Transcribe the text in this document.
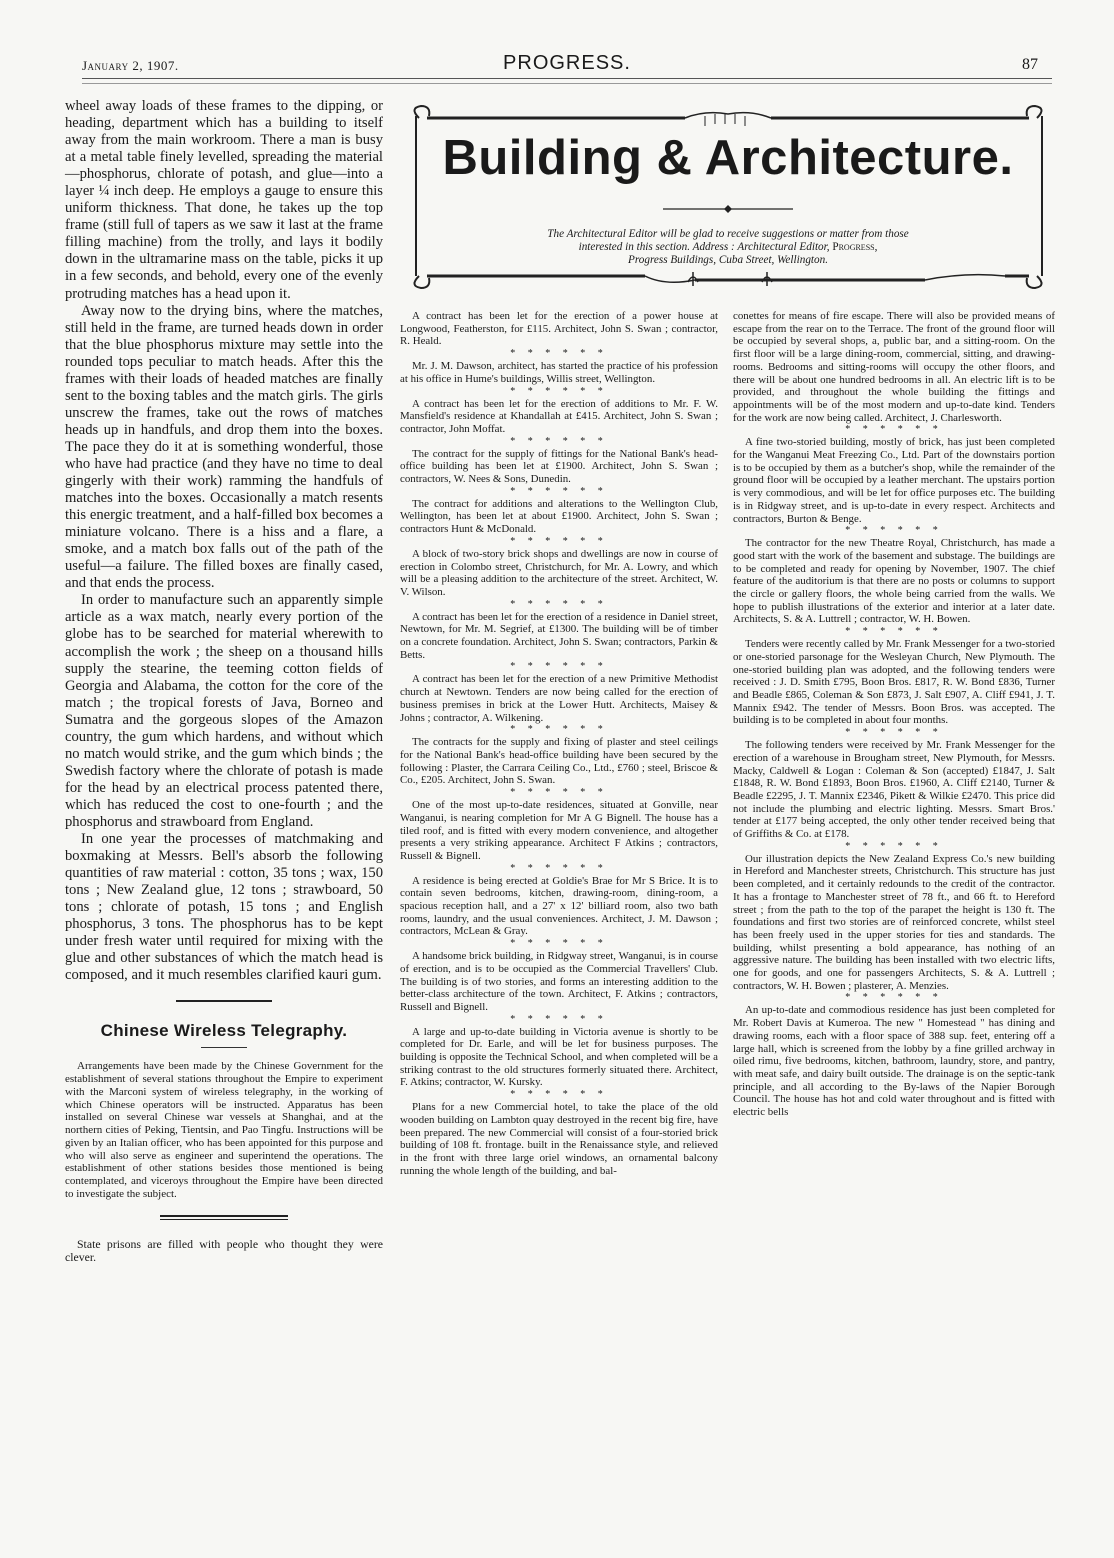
January 2, 1907.	PROGRESS.	87

wheel away loads of these frames to the dipping, or heading, department which has a building to itself away from the main workroom. There a man is busy at a metal table finely levelled, spreading the material—phosphorus, chlorate of potash, and glue—into a layer ¼ inch deep. He employs a gauge to ensure this uniform thickness. That done, he takes up the top frame (still full of tapers as we saw it last at the frame filling machine) from the trolly, and lays it bodily down in the ultramarine mass on the table, picks it up in a few seconds, and behold, every one of the evenly protruding matches has a head upon it.

Away now to the drying bins, where the matches, still held in the frame, are turned heads down in order that the blue phosphorus mixture may settle into the rounded tops peculiar to match heads. After this the frames with their loads of headed matches are finally sent to the boxing tables and the match girls. The girls unscrew the frames, take out the rows of matches heads up in handfuls, and drop them into the boxes. The pace they do it at is something wonderful, those who have had practice (and they have no time to deal gingerly with their work) ramming the handfuls of matches into the boxes. Occasionally a match resents this energic treatment, and a half-filled box becomes a miniature volcano. There is a hiss and a flare, a smoke, and a match box falls out of the path of the useful—a failure. The filled boxes are finally cased, and that ends the process.

In order to manufacture such an apparently simple article as a wax match, nearly every portion of the globe has to be searched for material wherewith to accomplish the work ; the sheep on a thousand hills supply the stearine, the teeming cotton fields of Georgia and Alabama, the cotton for the core of the match ; the tropical forests of Java, Borneo and Sumatra and the gorgeous slopes of the Amazon country, the gum which hardens, and without which no match would strike, and the gum which binds ; the Swedish factory where the chlorate of potash is made for the head by an electrical process patented there, which has reduced the cost to one-fourth ; and the phosphorus and strawboard from England.

In one year the processes of matchmaking and boxmaking at Messrs. Bell's absorb the following quantities of raw material : cotton, 35 tons ; wax, 150 tons ; New Zealand glue, 12 tons ; strawboard, 50 tons ; chlorate of potash, 15 tons ; and English phosphorus, 3 tons. The phosphorus has to be kept under fresh water until required for mixing with the glue and other substances of which the match head is composed, and it much resembles clarified kauri gum.

Chinese Wireless Telegraphy.

Arrangements have been made by the Chinese Government for the establishment of several stations throughout the Empire to experiment with the Marconi system of wireless telegraphy, in the working of which Chinese operators will be instructed. Apparatus has been installed on several Chinese war vessels at Shanghai, and at the northern cities of Peking, Tientsin, and Pao Tingfu. Instructions will be given by an Italian officer, who has been appointed for this purpose and who will also serve as engineer and superintend the operations. The establishment of other stations besides those mentioned is being contemplated, and viceroys throughout the Empire have been directed to investigate the subject.

State prisons are filled with people who thought they were clever.

Building & Architecture.
The Architectural Editor will be glad to receive suggestions or matter from those
interested in this section. Address : Architectural Editor, Progress,
Progress Buildings, Cuba Street, Wellington.

A contract has been let for the erection of a power house at Longwood, Featherston, for £115. Architect, John S. Swan ; contractor, R. Heald.

* * * * * *

Mr. J. M. Dawson, architect, has started the practice of his profession at his office in Hume's buildings, Willis street, Wellington.

* * * * * *

A contract has been let for the erection of additions to Mr. F. W. Mansfield's residence at Khandallah at £415. Architect, John S. Swan ; contractor, John Moffat.

* * * * * *

The contract for the supply of fittings for the National Bank's head-office building has been let at £1900. Architect, John S. Swan ; contractors, W. Nees & Sons, Dunedin.

* * * * * *

The contract for additions and alterations to the Wellington Club, Wellington, has been let at about £1900. Architect, John S. Swan ; contractors Hunt & McDonald.

* * * * * *

A block of two-story brick shops and dwellings are now in course of erection in Colombo street, Christchurch, for Mr. A. Lowry, and which will be a pleasing addition to the architecture of the street. Architect, W. V. Wilson.

* * * * * *

A contract has been let for the erection of a residence in Daniel street, Newtown, for Mr. M. Segrief, at £1300. The building will be of timber on a concrete foundation. Architect, John S. Swan; contractors, Parkin & Betts.

* * * * * *

A contract has been let for the erection of a new Primitive Methodist church at Newtown. Tenders are now being called for the erection of business premises in brick at the Lower Hutt. Architects, Maisey & Johns ; contractor, A. Wilkening.

* * * * * *

The contracts for the supply and fixing of plaster and steel ceilings for the National Bank's head-office building have been secured by the following : Plaster, the Carrara Ceiling Co., Ltd., £760 ; steel, Briscoe & Co., £205. Architect, John S. Swan.

* * * * * *

One of the most up-to-date residences, situated at Gonville, near Wanganui, is nearing completion for Mr A G Bignell. The house has a tiled roof, and is fitted with every modern convenience, and altogether presents a very striking appearance. Architect F Atkins ; contractors, Russell & Bignell.

* * * * * *

A residence is being erected at Goldie's Brae for Mr S Brice. It is to contain seven bedrooms, kitchen, drawing-room, dining-room, a spacious reception hall, and a 27' x 12' billiard room, also two bath rooms, laundry, and the usual conveniences. Architect, J. M. Dawson ; contractors, McLean & Gray.

* * * * * *

A handsome brick building, in Ridgway street, Wanganui, is in course of erection, and is to be occupied as the Commercial Travellers' Club. The building is of two stories, and forms an interesting addition to the better-class architecture of the town. Architect, F. Atkins ; contractors, Russell and Bignell.

* * * * * *

A large and up-to-date building in Victoria avenue is shortly to be completed for Dr. Earle, and will be let for business purposes. The building is opposite the Technical School, and when completed will be a striking contrast to the old structures formerly situated there. Architect, F. Atkins; contractor, W. Kursky.

* * * * * *

Plans for a new Commercial hotel, to take the place of the old wooden building on Lambton quay destroyed in the recent big fire, have been prepared. The new Commercial will consist of a four-storied brick building of 108 ft. frontage. built in the Renaissance style, and relieved in the front with three large oriel windows, an ornamental balcony running the whole length of the building, and bal-

conettes for means of fire escape. There will also be provided means of escape from the rear on to the Terrace. The front of the ground floor will be occupied by several shops, a, public bar, and a sitting-room. On the first floor will be a large dining-room, commercial, sitting, and drawing-rooms. Bedrooms and sitting-rooms will occupy the other floors, and there will be about one hundred bedrooms in all. An electric lift is to be provided, and throughout the whole building the fittings and appointments will be of the most modern and up-to-date kind. Tenders for the work are now being called. Architect, J. Charlesworth.

* * * * * *

A fine two-storied building, mostly of brick, has just been completed for the Wanganui Meat Freezing Co., Ltd. Part of the downstairs portion is to be occupied by them as a butcher's shop, while the remainder of the ground floor will be occupied by a leather merchant. The upstairs portion is very commodious, and will be let for office purposes etc. The building is in Ridgway street, and is up-to-date in every respect. Architects and contractors, Burton & Benge.

* * * * * *

The contractor for the new Theatre Royal, Christchurch, has made a good start with the work of the basement and substage. The buildings are to be completed and ready for opening by November, 1907. The chief feature of the auditorium is that there are no posts or columns to support the circle or gallery floors, the whole being carried from the walls. We hope to publish illustrations of the exterior and interior at a later date. Architects, S. & A. Luttrell ; contractor, W. H. Bowen.

* * * * * *

Tenders were recently called by Mr. Frank Messenger for a two-storied or one-storied parsonage for the Wesleyan Church, New Plymouth. The one-storied building plan was adopted, and the following tenders were received : J. D. Smith £795, Boon Bros. £817, R. W. Bond £836, Turner and Beadle £865, Coleman & Son £873, J. Salt £907, A. Cliff £941, J. T. Mannix £942. The tender of Messrs. Boon Bros. was accepted. The building is to be completed in about four months.

* * * * * *

The following tenders were received by Mr. Frank Messenger for the erection of a warehouse in Brougham street, New Plymouth, for Messrs. Macky, Caldwell & Logan : Coleman & Son (accepted) £1847, J. Salt £1848, R. W. Bond £1893, Boon Bros. £1960, A. Cliff £2140, Turner & Beadle £2295, J. T. Mannix £2346, Pikett & Wilkie £2470. This price did not include the plumbing and electric lighting. Messrs. Smart Bros.' tender at £177 being accepted, the only other tender received being that of Griffiths & Co. at £178.

* * * * * *

Our illustration depicts the New Zealand Express Co.'s new building in Hereford and Manchester streets, Christchurch. This structure has just been completed, and it certainly redounds to the credit of the contractor. It has a frontage to Manchester street of 78 ft., and 66 ft. to Hereford street ; from the path to the top of the parapet the height is 130 ft. The foundations and first two stories are of reinforced concrete, whilst steel has been freely used in the upper stories for ties and standards. The building, whilst presenting a bold appearance, has nothing of an aggressive nature. The building has been installed with two electric lifts, one for goods, and one for passengers Architects, S. & A. Luttrell ; contractors, W. H. Bowen ; plasterer, A. Menzies.

* * * * * *

An up-to-date and commodious residence has just been completed for Mr. Robert Davis at Kumeroa. The new " Homestead " has dining and drawing rooms, each with a floor space of 388 sup. feet, entering off a large hall, which is screened from the lobby by a fine grilled archway in oiled rimu, five bedrooms, kitchen, bathroom, laundry, store, and pantry, with meat safe, and dairy built outside. The drainage is on the septic-tank principle, and all according to the By-laws of the Napier Borough Council. The house has hot and cold water throughout and is fitted with electric bells
